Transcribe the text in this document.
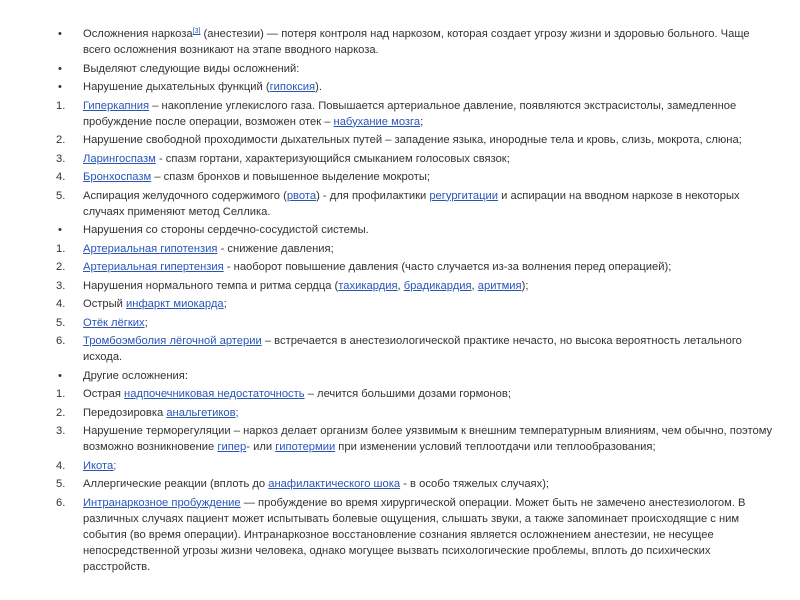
•	Осложнения наркоза[3] (анестезии) — потеря контроля над наркозом, которая создает угрозу жизни и здоровью больного. Чаще всего осложнения возникают на этапе вводного наркоза.
•	Выделяют следующие виды осложнений:
•	Нарушение дыхательных функций (гипоксия).
1.	Гиперкапния – накопление углекислого газа. Повышается артериальное давление, появляются экстрасистолы, замедленное пробуждение после операции, возможен отек – набухание мозга;
2.	Нарушение свободной проходимости дыхательных путей – западение языка, инородные тела и кровь, слизь, мокрота, слюна;
3.	Ларингоспазм - спазм гортани, характеризующийся смыканием голосовых связок;
4.	Бронхоспазм – спазм бронхов и повышенное выделение мокроты;
5.	Аспирация желудочного содержимого (рвота) - для профилактики регургитации и аспирации на вводном наркозе в некоторых случаях применяют метод Селлика.
•	Нарушения со стороны сердечно-сосудистой системы.
1.	Артериальная гипотензия - снижение давления;
2.	Артериальная гипертензия - наоборот повышение давления (часто случается из-за волнения перед операцией);
3.	Нарушения нормального темпа и ритма сердца (тахикардия, брадикардия, аритмия);
4.	Острый инфаркт миокарда;
5.	Отёк лёгких;
6.	Тромбоэмболия лёгочной артерии – встречается в анестезиологической практике нечасто, но высока вероятность летального исхода.
•	Другие осложнения:
1.	Острая надпочечниковая недостаточность – лечится большими дозами гормонов;
2.	Передозировка анальгетиков;
3.	Нарушение терморегуляции – наркоз делает организм более уязвимым к внешним температурным влияниям, чем обычно, поэтому возможно возникновение гипер- или гипотермии при изменении условий теплоотдачи или теплообразования;
4.	Икота;
5.	Аллергические реакции (вплоть до анафилактического шока - в особо тяжелых случаях);
6.	Интранаркозное пробуждение — пробуждение во время хирургической операции. Может быть не замечено анестезиологом. В различных случаях пациент может испытывать болевые ощущения, слышать звуки, а также запоминает происходящие с ним события (во время операции). Интранаркозное восстановление сознания является осложнением анестезии, не несущее непосредственной угрозы жизни человека, однако могущее вызвать психологические проблемы, вплоть до психических расстройств.
